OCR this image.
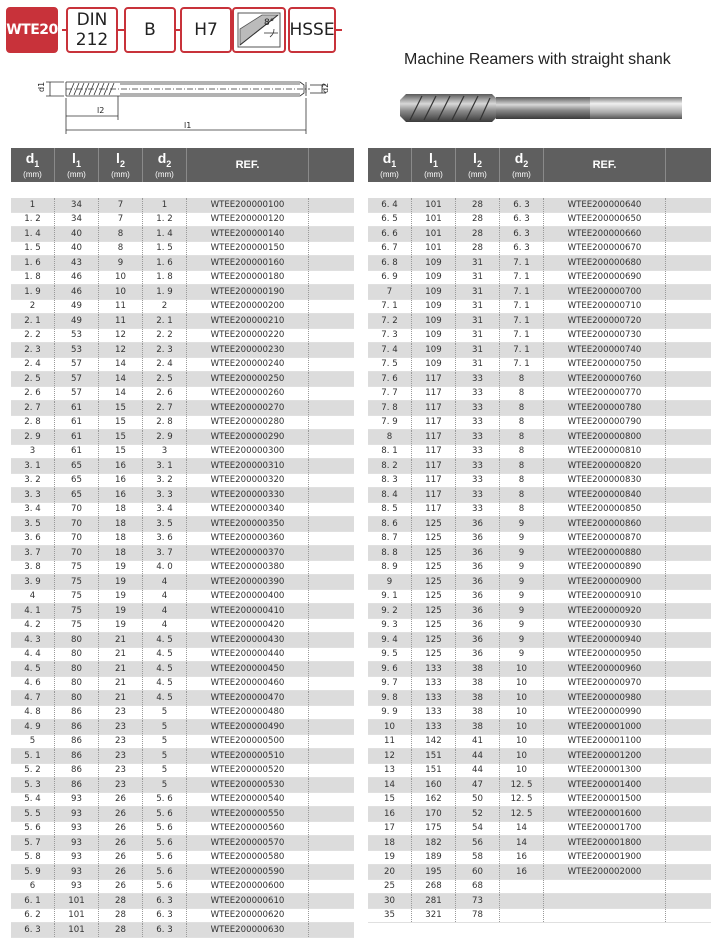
WTE20 DIN
212 B H7	8° HSSE
Machine Reamers with straight shank
d1	d2
l2
l1
$d_1$
(mm)
$l_1$
(mm)
$l_2$
(mm)
$d_2$
(mm)
REF.
1	34	7	1	WTEE200000100
1. 2	34	7	1. 2	WTEE200000120
1. 4	40	8	1. 4	WTEE200000140
1. 5	40	8	1. 5	WTEE200000150
1. 6	43	9	1. 6	WTEE200000160
1. 8	46	10	1. 8	WTEE200000180
1. 9	46	10	1. 9	WTEE200000190
2	49	11	2	WTEE200000200
2. 1	49	11	2. 1	WTEE200000210
2. 2	53	12	2. 2	WTEE200000220
2. 3	53	12	2. 3	WTEE200000230
2. 4	57	14	2. 4	WTEE200000240
2. 5	57	14	2. 5	WTEE200000250
2. 6	57	14	2. 6	WTEE200000260
2. 7	61	15	2. 7	WTEE200000270
2. 8	61	15	2. 8	WTEE200000280
2. 9	61	15	2. 9	WTEE200000290
3	61	15	3	WTEE200000300
3. 1	65	16	3. 1	WTEE200000310
3. 2	65	16	3. 2	WTEE200000320
3. 3	65	16	3. 3	WTEE200000330
3. 4	70	18	3. 4	WTEE200000340
3. 5	70	18	3. 5	WTEE200000350
3. 6	70	18	3. 6	WTEE200000360
3. 7	70	18	3. 7	WTEE200000370
3. 8	75	19	4. 0	WTEE200000380
3. 9	75	19	4	WTEE200000390
4	75	19	4	WTEE200000400
4. 1	75	19	4	WTEE200000410
4. 2	75	19	4	WTEE200000420
4. 3	80	21	4. 5	WTEE200000430
4. 4	80	21	4. 5	WTEE200000440
4. 5	80	21	4. 5	WTEE200000450
4. 6	80	21	4. 5	WTEE200000460
4. 7	80	21	4. 5	WTEE200000470
4. 8	86	23	5	WTEE200000480
4. 9	86	23	5	WTEE200000490
5	86	23	5	WTEE200000500
5. 1	86	23	5	WTEE200000510
5. 2	86	23	5	WTEE200000520
5. 3	86	23	5	WTEE200000530
5. 4	93	26	5. 6	WTEE200000540
5. 5	93	26	5. 6	WTEE200000550
5. 6	93	26	5. 6	WTEE200000560
5. 7	93	26	5. 6	WTEE200000570
5. 8	93	26	5. 6	WTEE200000580
5. 9	93	26	5. 6	WTEE200000590
6	93	26	5. 6	WTEE200000600
6. 1	101	28	6. 3	WTEE200000610
6. 2	101	28	6. 3	WTEE200000620
6. 3	101	28	6. 3	WTEE200000630
$d_1$
(mm)
$l_1$
(mm)
$l_2$
(mm)
$d_2$
(mm)
REF.
6. 4	101	28	6. 3	WTEE200000640
6. 5	101	28	6. 3	WTEE200000650
6. 6	101	28	6. 3	WTEE200000660
6. 7	101	28	6. 3	WTEE200000670
6. 8	109	31	7. 1	WTEE200000680
6. 9	109	31	7. 1	WTEE200000690
7	109	31	7. 1	WTEE200000700
7. 1	109	31	7. 1	WTEE200000710
7. 2	109	31	7. 1	WTEE200000720
7. 3	109	31	7. 1	WTEE200000730
7. 4	109	31	7. 1	WTEE200000740
7. 5	109	31	7. 1	WTEE200000750
7. 6	117	33	8	WTEE200000760
7. 7	117	33	8	WTEE200000770
7. 8	117	33	8	WTEE200000780
7. 9	117	33	8	WTEE200000790
8	117	33	8	WTEE200000800
8. 1	117	33	8	WTEE200000810
8. 2	117	33	8	WTEE200000820
8. 3	117	33	8	WTEE200000830
8. 4	117	33	8	WTEE200000840
8. 5	117	33	8	WTEE200000850
8. 6	125	36	9	WTEE200000860
8. 7	125	36	9	WTEE200000870
8. 8	125	36	9	WTEE200000880
8. 9	125	36	9	WTEE200000890
9	125	36	9	WTEE200000900
9. 1	125	36	9	WTEE200000910
9. 2	125	36	9	WTEE200000920
9. 3	125	36	9	WTEE200000930
9. 4	125	36	9	WTEE200000940
9. 5	125	36	9	WTEE200000950
9. 6	133	38	10	WTEE200000960
9. 7	133	38	10	WTEE200000970
9. 8	133	38	10	WTEE200000980
9. 9	133	38	10	WTEE200000990
10	133	38	10	WTEE200001000
11	142	41	10	WTEE200001100
12	151	44	10	WTEE200001200
13	151	44	10	WTEE200001300
14	160	47	12. 5	WTEE200001400
15	162	50	12. 5	WTEE200001500
16	170	52	12. 5	WTEE200001600
17	175	54	14	WTEE200001700
18	182	56	14	WTEE200001800
19	189	58	16	WTEE200001900
20	195	60	16	WTEE200002000
25	268	68
30	281	73
35	321	78
